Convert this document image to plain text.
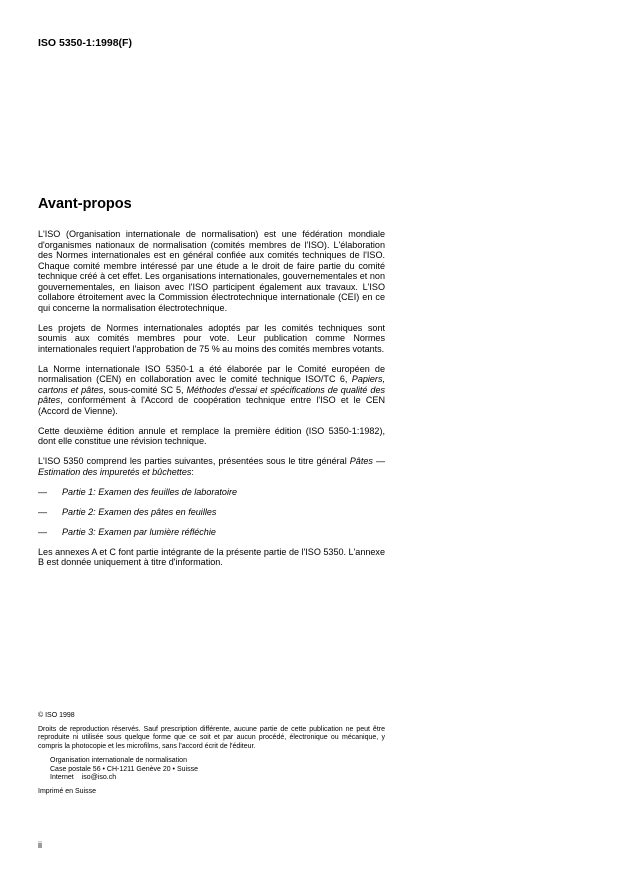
ISO 5350-1:1998(F)

Avant-propos

L'ISO (Organisation internationale de normalisation) est une fédération mondiale d'organismes nationaux de normalisation (comités membres de l'ISO). L'élaboration des Normes internationales est en général confiée aux comités techniques de l'ISO. Chaque comité membre intéressé par une étude a le droit de faire partie du comité technique créé à cet effet. Les organisations internationales, gouvernementales et non gouvernementales, en liaison avec l'ISO participent également aux travaux. L'ISO collabore étroitement avec la Commission électrotechnique internationale (CEI) en ce qui concerne la normalisation électrotechnique.

Les projets de Normes internationales adoptés par les comités techniques sont soumis aux comités membres pour vote. Leur publication comme Normes internationales requiert l'approbation de 75 % au moins des comités membres votants.

La Norme internationale ISO 5350-1 a été élaborée par le Comité européen de normalisation (CEN) en collaboration avec le comité technique ISO/TC 6, Papiers, cartons et pâtes, sous-comité SC 5, Méthodes d'essai et spécifications de qualité des pâtes, conformément à l'Accord de coopération technique entre l'ISO et le CEN (Accord de Vienne).

Cette deuxième édition annule et remplace la première édition (ISO 5350-1:1982), dont elle constitue une révision technique.

L'ISO 5350 comprend les parties suivantes, présentées sous le titre général Pâtes — Estimation des impuretés et bûchettes:

—	Partie 1: Examen des feuilles de laboratoire
—	Partie 2: Examen des pâtes en feuilles
—	Partie 3: Examen par lumière réfléchie

Les annexes A et C font partie intégrante de la présente partie de l'ISO 5350. L'annexe B est donnée uniquement à titre d'information.

© ISO 1998

Droits de reproduction réservés. Sauf prescription différente, aucune partie de cette publication ne peut être reproduite ni utilisée sous quelque forme que ce soit et par aucun procédé, électronique ou mécanique, y compris la photocopie et les microfilms, sans l'accord écrit de l'éditeur.

Organisation internationale de normalisation

Case postale 56 • CH-1211 Genève 20 • Suisse

Internet iso@iso.ch

Imprimé en Suisse

ii
